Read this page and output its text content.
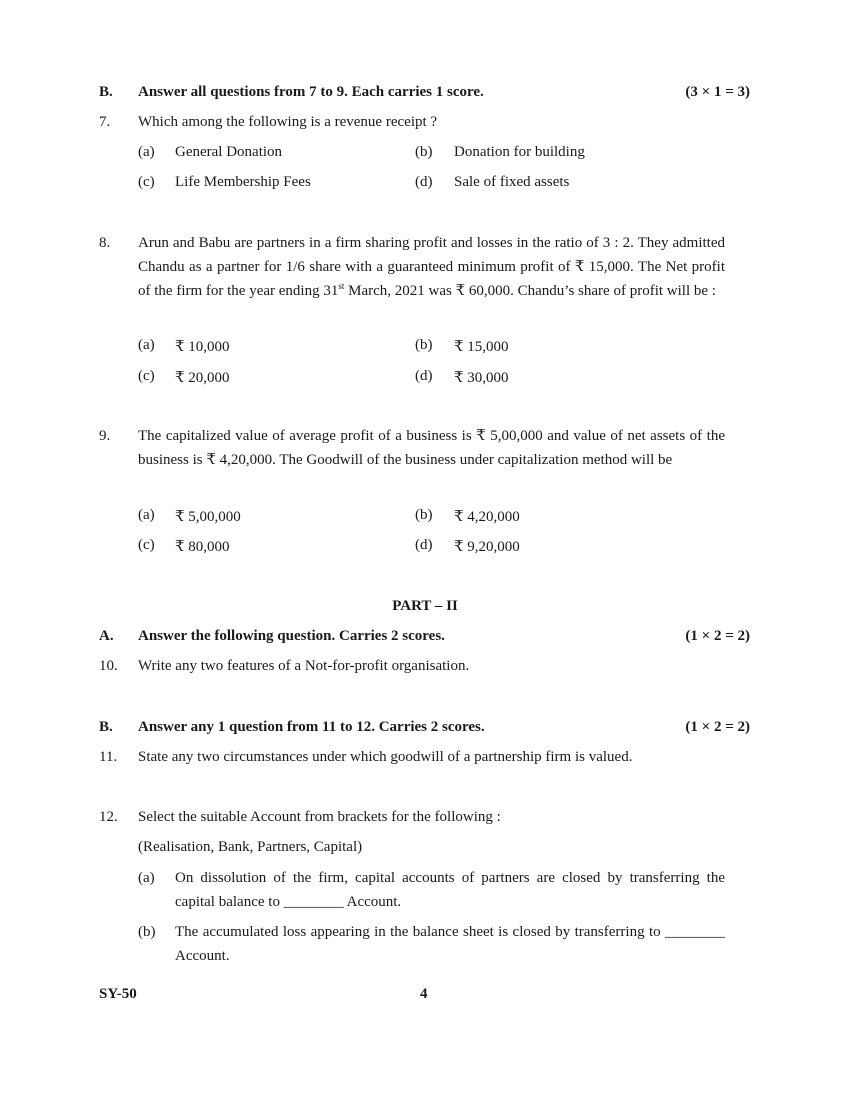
B. Answer all questions from 7 to 9. Each carries 1 score.	(3 × 1 = 3)
7. Which among the following is a revenue receipt ?
(a) General Donation	(b) Donation for building
(c) Life Membership Fees	(d) Sale of fixed assets
8. Arun and Babu are partners in a firm sharing profit and losses in the ratio of 3 : 2. They admitted Chandu as a partner for 1/6 share with a guaranteed minimum profit of ₹ 15,000. The Net profit of the firm for the year ending 31st March, 2021 was ₹ 60,000. Chandu’s share of profit will be :
(a) ₹ 10,000	(b) ₹ 15,000
(c) ₹ 20,000	(d) ₹ 30,000
9. The capitalized value of average profit of a business is ₹ 5,00,000 and value of net assets of the business is ₹ 4,20,000. The Goodwill of the business under capitalization method will be
(a) ₹ 5,00,000	(b) ₹ 4,20,000
(c) ₹ 80,000	(d) ₹ 9,20,000
PART – II
A. Answer the following question. Carries 2 scores.	(1 × 2 = 2)
10. Write any two features of a Not-for-profit organisation.
B. Answer any 1 question from 11 to 12. Carries 2 scores.	(1 × 2 = 2)
11. State any two circumstances under which goodwill of a partnership firm is valued.
12. Select the suitable Account from brackets for the following :
(Realisation, Bank, Partners, Capital)
(a) On dissolution of the firm, capital accounts of partners are closed by transferring the capital balance to ________ Account.
(b) The accumulated loss appearing in the balance sheet is closed by transferring to ________ Account.
SY-50	4
